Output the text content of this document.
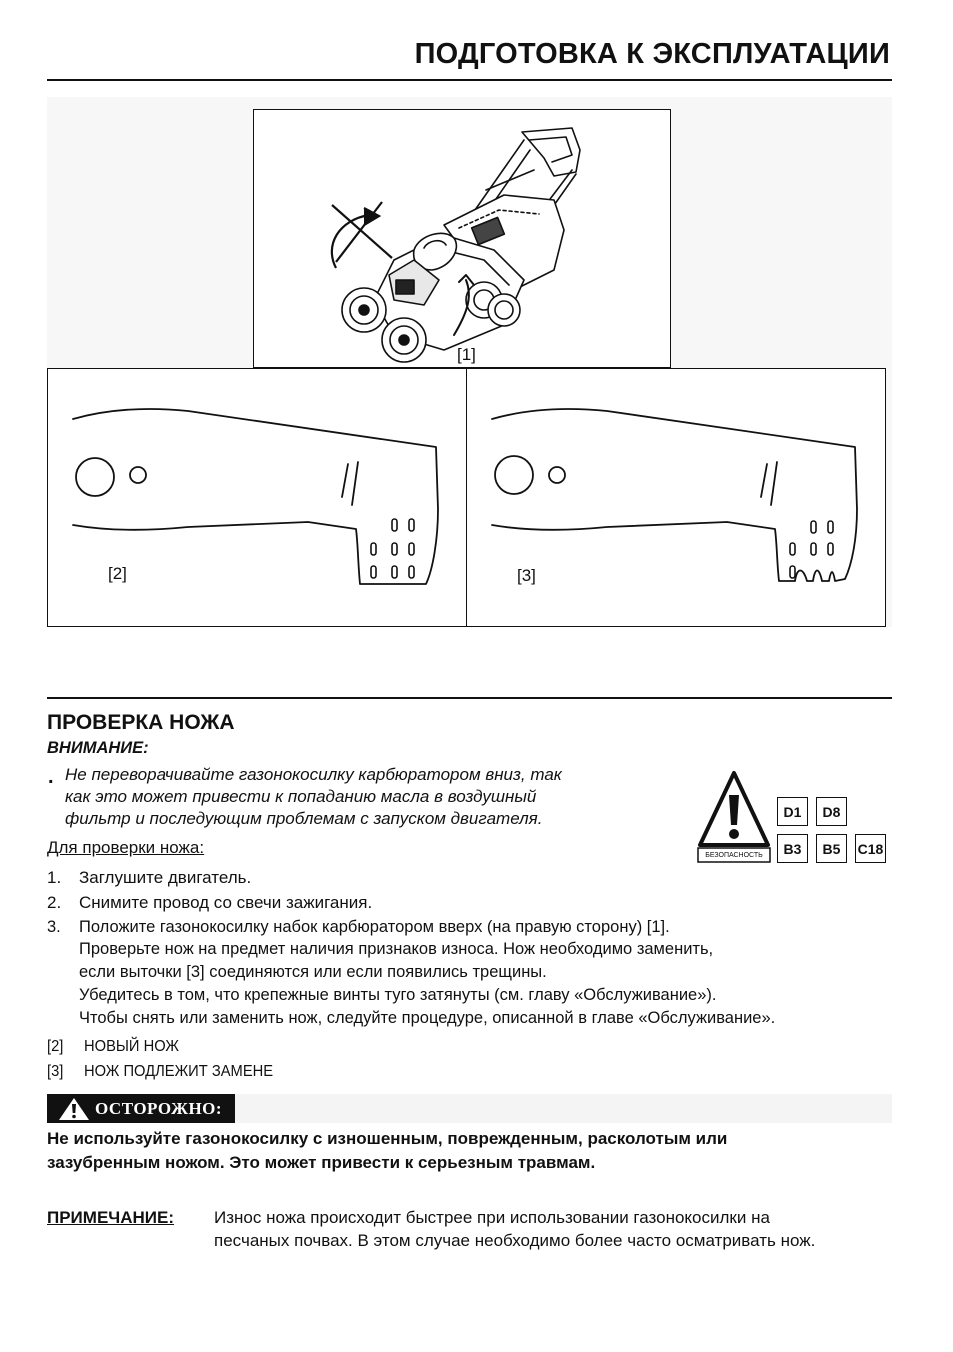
ПОДГОТОВКА К ЭКСПЛУАТАЦИИ
[1]
[2]	[3]
ПРОВЕРКА НОЖА
ВНИМАНИЕ:
. Не переворачивайте газонокосилку карбюратором вниз, так
как это может привести к попаданию масла в воздушный
фильтр и последующим проблемам с запуском двигателя.
БЕЗОПАСНОСТЬ
D1	D8
B3	B5	C18
Для проверки ножа:
1. Заглушите двигатель.
2. Снимите провод со свечи зажигания.
3. Положите газонокосилку набок карбюратором вверх (на правую сторону) [1].
Проверьте нож на предмет наличия признаков износа. Нож необходимо заменить,
если выточки [3] соединяются или если появились трещины.
Убедитесь в том, что крепежные винты туго затянуты (см. главу «Обслуживание»).
Чтобы снять или заменить нож, следуйте процедуре, описанной в главе «Обслуживание».
[2] НОВЫЙ НОЖ
[3] НОЖ ПОДЛЕЖИТ ЗАМЕНЕ
ОСТОРОЖНО:
Не используйте газонокосилку с изношенным, поврежденным, расколотым или
зазубренным ножом. Это может привести к серьезным травмам.
ПРИМЕЧАНИЕ: Износ ножа происходит быстрее при использовании газонокосилки на
песчаных почвах. В этом случае необходимо более часто осматривать нож.
